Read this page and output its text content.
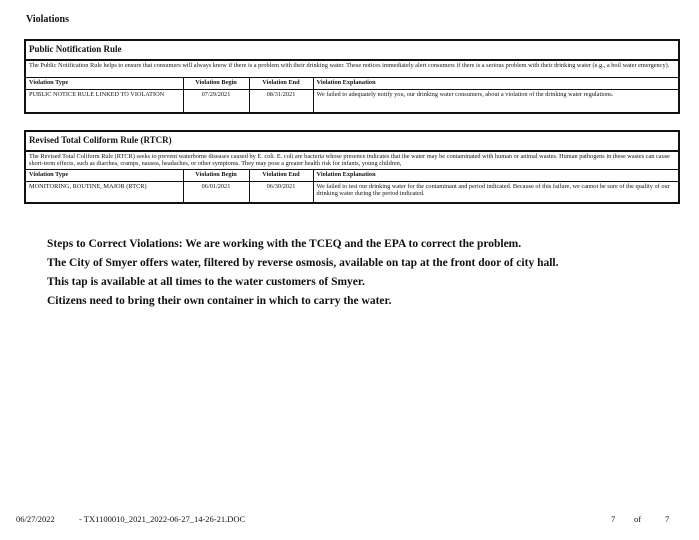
Violations
Public Notification Rule
The Public Notification Rule helps to ensure that consumers will always know if there is a problem with their drinking water. These notices immediately alert consumers if there is a serious problem with their drinking water (e.g., a boil water emergency).
Violation Type	Violation Begin	Violation End	Violation Explanation
PUBLIC NOTICE RULE LINKED TO VIOLATION	07/29/2021	08/31/2021	We failed to adequately notify you, our drinking water consumers, about a violation of the drinking water regulations.
Revised Total Coliform Rule (RTCR)
The Revised Total Coliform Rule (RTCR) seeks to prevent waterborne diseases caused by E. coli. E. coli are bacteria whose presence indicates that the water may be contaminated with human or animal wastes. Human pathogens in these wastes can cause short-term effects, such as diarrhea, cramps, nausea, headaches, or other symptoms. They may pose a greater health risk for infants, young children,
Violation Type	Violation Begin	Violation End	Violation Explanation
MONITORING, ROUTINE, MAJOR (RTCR)	06/01/2021	06/30/2021	We failed to test our drinking water for the contaminant and period indicated. Because of this failure, we cannot be sure of the quality of our drinking water during the period indicated.
Steps to Correct Violations: We are working with the TCEQ and the EPA to correct the problem.
The City of Smyer offers water, filtered by reverse osmosis, available on tap at the front door of city hall.
This tap is available at all times to the water customers of Smyer.
Citizens need to bring their own container in which to carry the water.
06/27/2022	- TX1100010_2021_2022-06-27_14-26-21.DOC	7 of	7
